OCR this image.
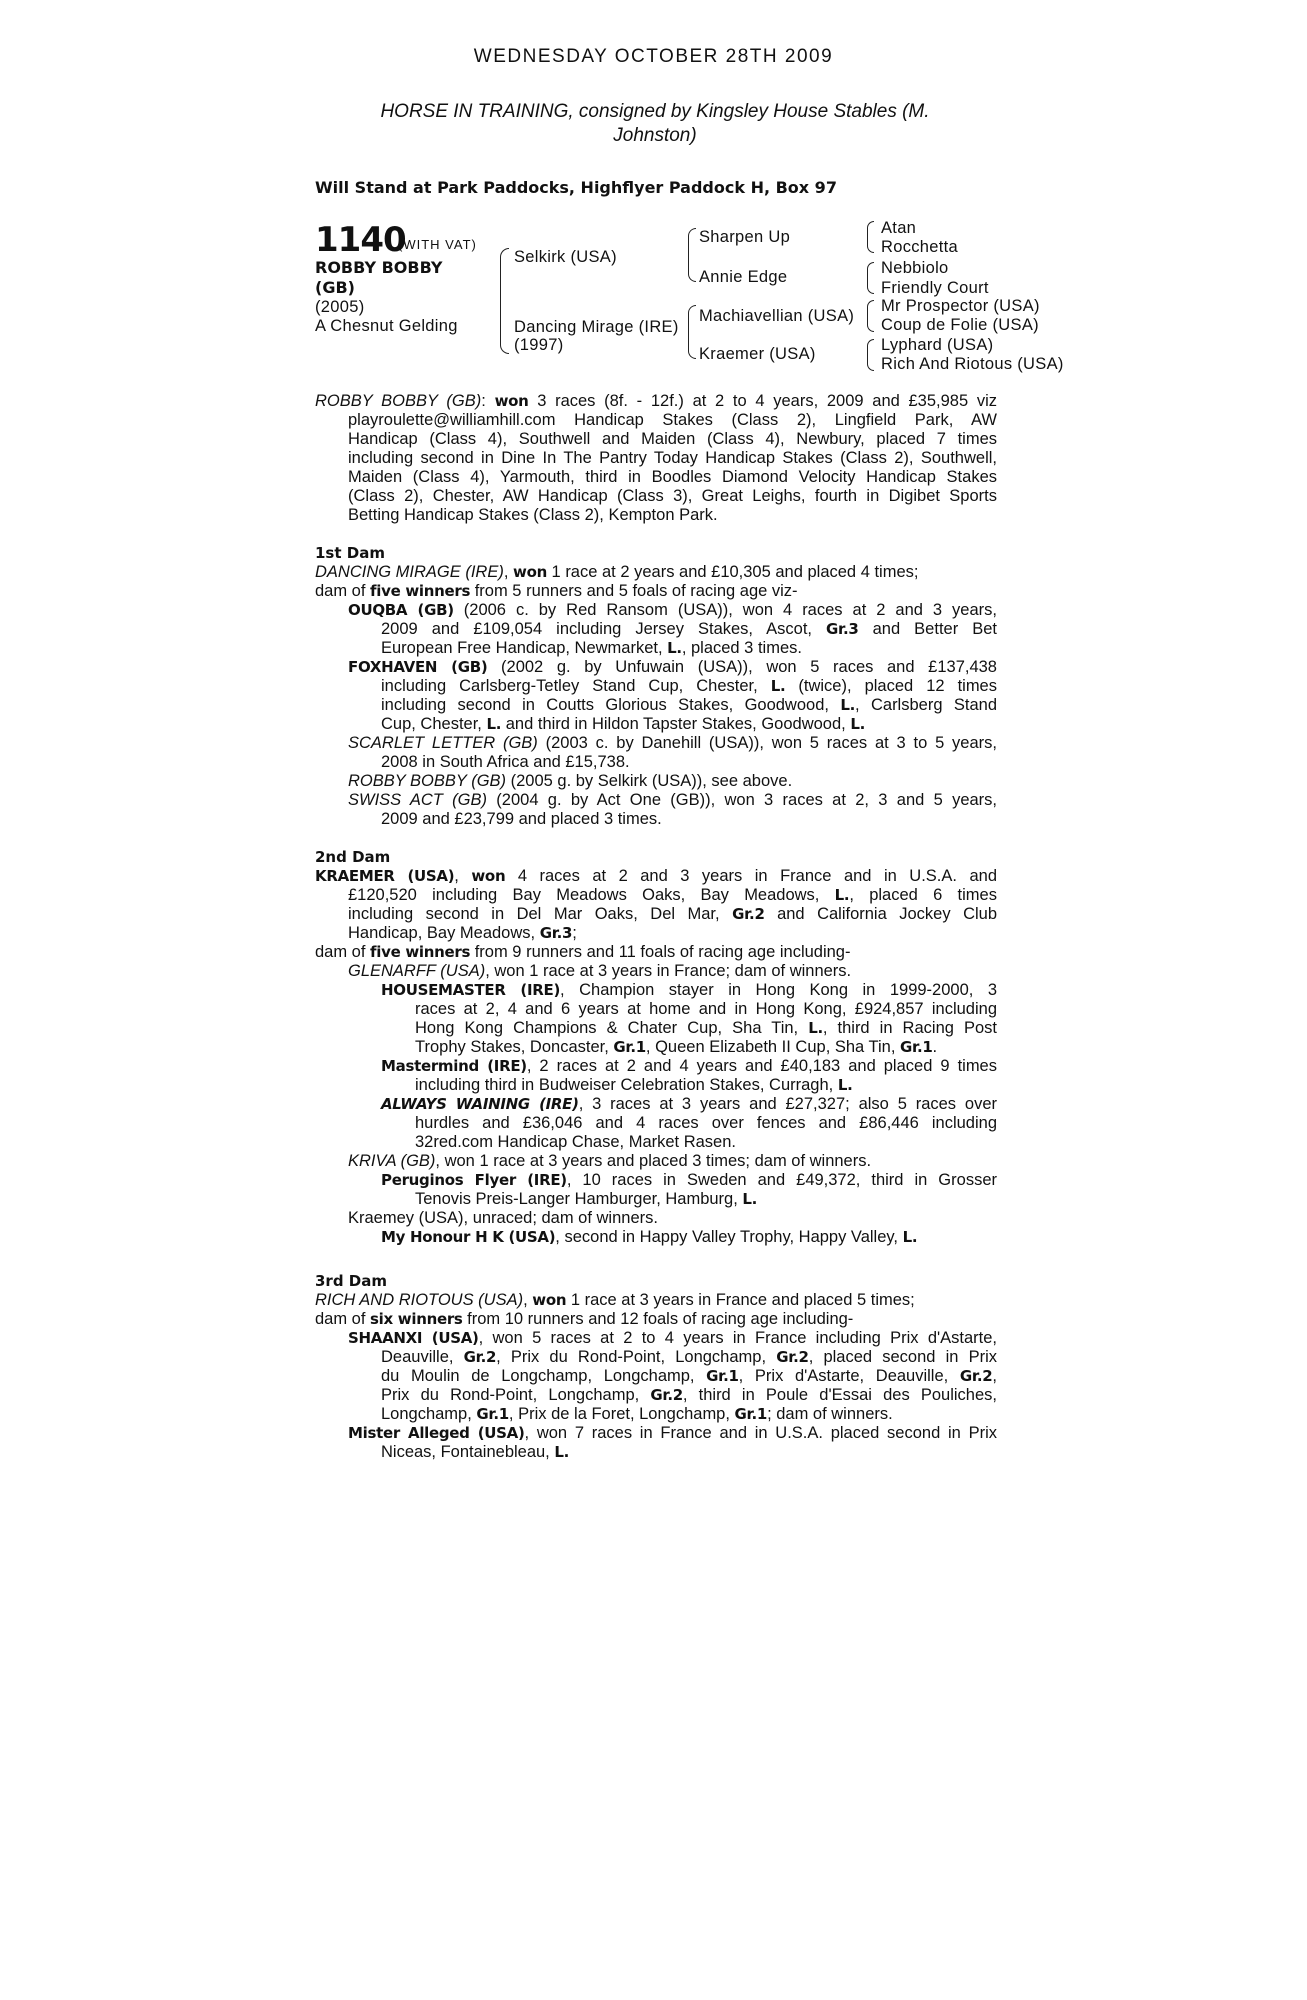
WEDNESDAY OCTOBER 28TH 2009
HORSE IN TRAINING, consigned by Kingsley House Stables (M.
Johnston)
Will Stand at Park Paddocks, Highflyer Paddock H, Box 97
1140
(WITH VAT)
ROBBY BOBBY
(GB)
(2005)
A Chesnut Gelding
Selkirk (USA)
Dancing Mirage (IRE)
(1997)
Sharpen Up
Annie Edge
Machiavellian (USA)
Kraemer (USA)
Atan
Rocchetta
Nebbiolo
Friendly Court
Mr Prospector (USA)
Coup de Folie (USA)
Lyphard (USA)
Rich And Riotous (USA)
ROBBY BOBBY (GB): won 3 races (8f. - 12f.) at 2 to 4 years, 2009 and £35,985 viz
playroulette@williamhill.com Handicap Stakes (Class 2), Lingfield Park, AW
Handicap (Class 4), Southwell and Maiden (Class 4), Newbury, placed 7 times
including second in Dine In The Pantry Today Handicap Stakes (Class 2), Southwell,
Maiden (Class 4), Yarmouth, third in Boodles Diamond Velocity Handicap Stakes
(Class 2), Chester, AW Handicap (Class 3), Great Leighs, fourth in Digibet Sports
Betting Handicap Stakes (Class 2), Kempton Park.
1st Dam
DANCING MIRAGE (IRE), won 1 race at 2 years and £10,305 and placed 4 times;
dam of five winners from 5 runners and 5 foals of racing age viz-
OUQBA (GB) (2006 c. by Red Ransom (USA)), won 4 races at 2 and 3 years,
2009 and £109,054 including Jersey Stakes, Ascot, Gr.3 and Better Bet
European Free Handicap, Newmarket, L., placed 3 times.
FOXHAVEN (GB) (2002 g. by Unfuwain (USA)), won 5 races and £137,438
including Carlsberg-Tetley Stand Cup, Chester, L. (twice), placed 12 times
including second in Coutts Glorious Stakes, Goodwood, L., Carlsberg Stand
Cup, Chester, L. and third in Hildon Tapster Stakes, Goodwood, L.
SCARLET LETTER (GB) (2003 c. by Danehill (USA)), won 5 races at 3 to 5 years,
2008 in South Africa and £15,738.
ROBBY BOBBY (GB) (2005 g. by Selkirk (USA)), see above.
SWISS ACT (GB) (2004 g. by Act One (GB)), won 3 races at 2, 3 and 5 years,
2009 and £23,799 and placed 3 times.
2nd Dam
KRAEMER (USA), won 4 races at 2 and 3 years in France and in U.S.A. and
£120,520 including Bay Meadows Oaks, Bay Meadows, L., placed 6 times
including second in Del Mar Oaks, Del Mar, Gr.2 and California Jockey Club
Handicap, Bay Meadows, Gr.3;
dam of five winners from 9 runners and 11 foals of racing age including-
GLENARFF (USA), won 1 race at 3 years in France; dam of winners.
HOUSEMASTER (IRE), Champion stayer in Hong Kong in 1999-2000, 3
races at 2, 4 and 6 years at home and in Hong Kong, £924,857 including
Hong Kong Champions & Chater Cup, Sha Tin, L., third in Racing Post
Trophy Stakes, Doncaster, Gr.1, Queen Elizabeth II Cup, Sha Tin, Gr.1.
Mastermind (IRE), 2 races at 2 and 4 years and £40,183 and placed 9 times
including third in Budweiser Celebration Stakes, Curragh, L.
ALWAYS WAINING (IRE), 3 races at 3 years and £27,327; also 5 races over
hurdles and £36,046 and 4 races over fences and £86,446 including
32red.com Handicap Chase, Market Rasen.
KRIVA (GB), won 1 race at 3 years and placed 3 times; dam of winners.
Peruginos Flyer (IRE), 10 races in Sweden and £49,372, third in Grosser
Tenovis Preis-Langer Hamburger, Hamburg, L.
Kraemey (USA), unraced; dam of winners.
My Honour H K (USA), second in Happy Valley Trophy, Happy Valley, L.
3rd Dam
RICH AND RIOTOUS (USA), won 1 race at 3 years in France and placed 5 times;
dam of six winners from 10 runners and 12 foals of racing age including-
SHAANXI (USA), won 5 races at 2 to 4 years in France including Prix d'Astarte,
Deauville, Gr.2, Prix du Rond-Point, Longchamp, Gr.2, placed second in Prix
du Moulin de Longchamp, Longchamp, Gr.1, Prix d'Astarte, Deauville, Gr.2,
Prix du Rond-Point, Longchamp, Gr.2, third in Poule d'Essai des Pouliches,
Longchamp, Gr.1, Prix de la Foret, Longchamp, Gr.1; dam of winners.
Mister Alleged (USA), won 7 races in France and in U.S.A. placed second in Prix
Niceas, Fontainebleau, L.
